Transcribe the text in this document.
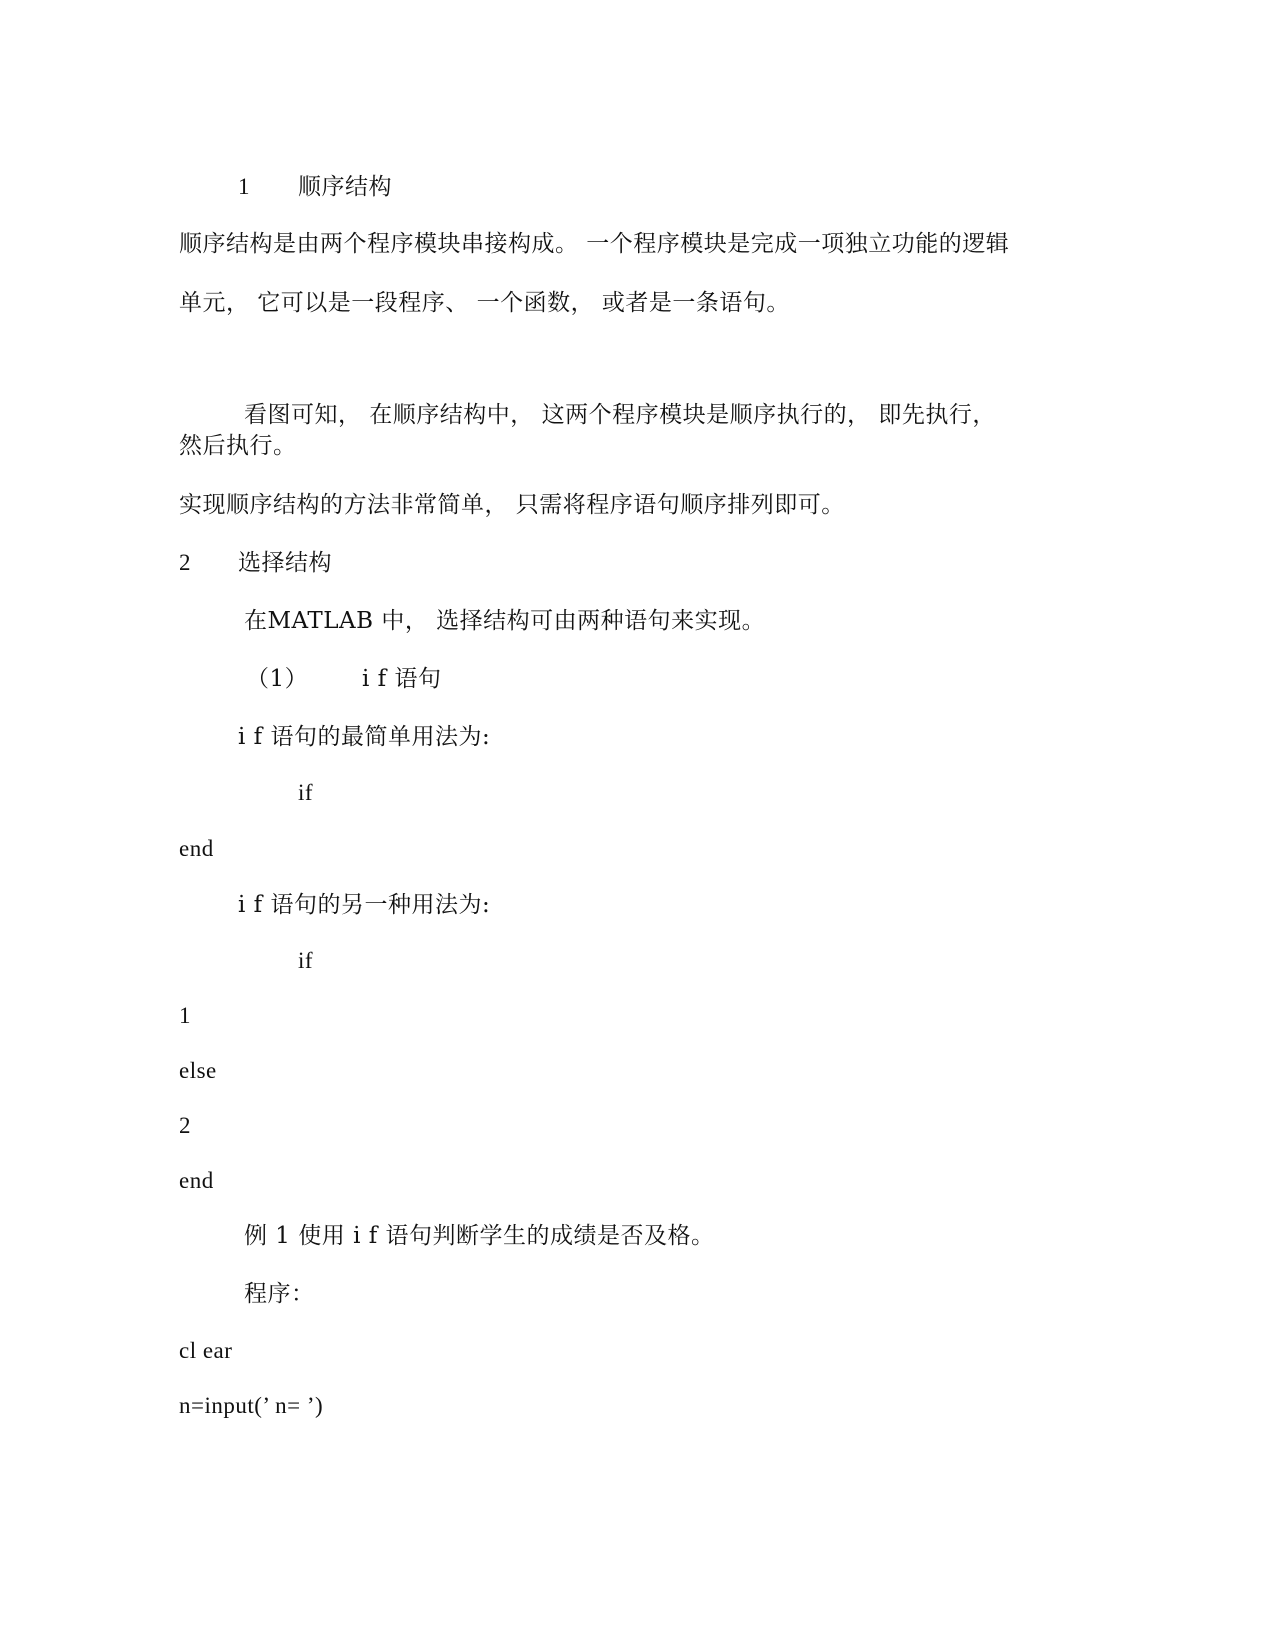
1 顺序结构
顺序结构是由两个程序模块串接构成。 一个程序模块是完成一项独立功能的逻辑
单元， 它可以是一段程序、 一个函数， 或者是一条语句。
看图可知， 在顺序结构中， 这两个程序模块是顺序执行的， 即先执行，
然后执行。
实现顺序结构的方法非常简单， 只需将程序语句顺序排列即可。
2 选择结构
在MATLAB 中， 选择结构可由两种语句来实现。
（1） i f 语句
i f 语句的最简单用法为:
if
end
i f 语句的另一种用法为:
if
1
else
2
end
例 1 使用 i f 语句判断学生的成绩是否及格。
程序：
cl ear
n=input(’ n= ’)
